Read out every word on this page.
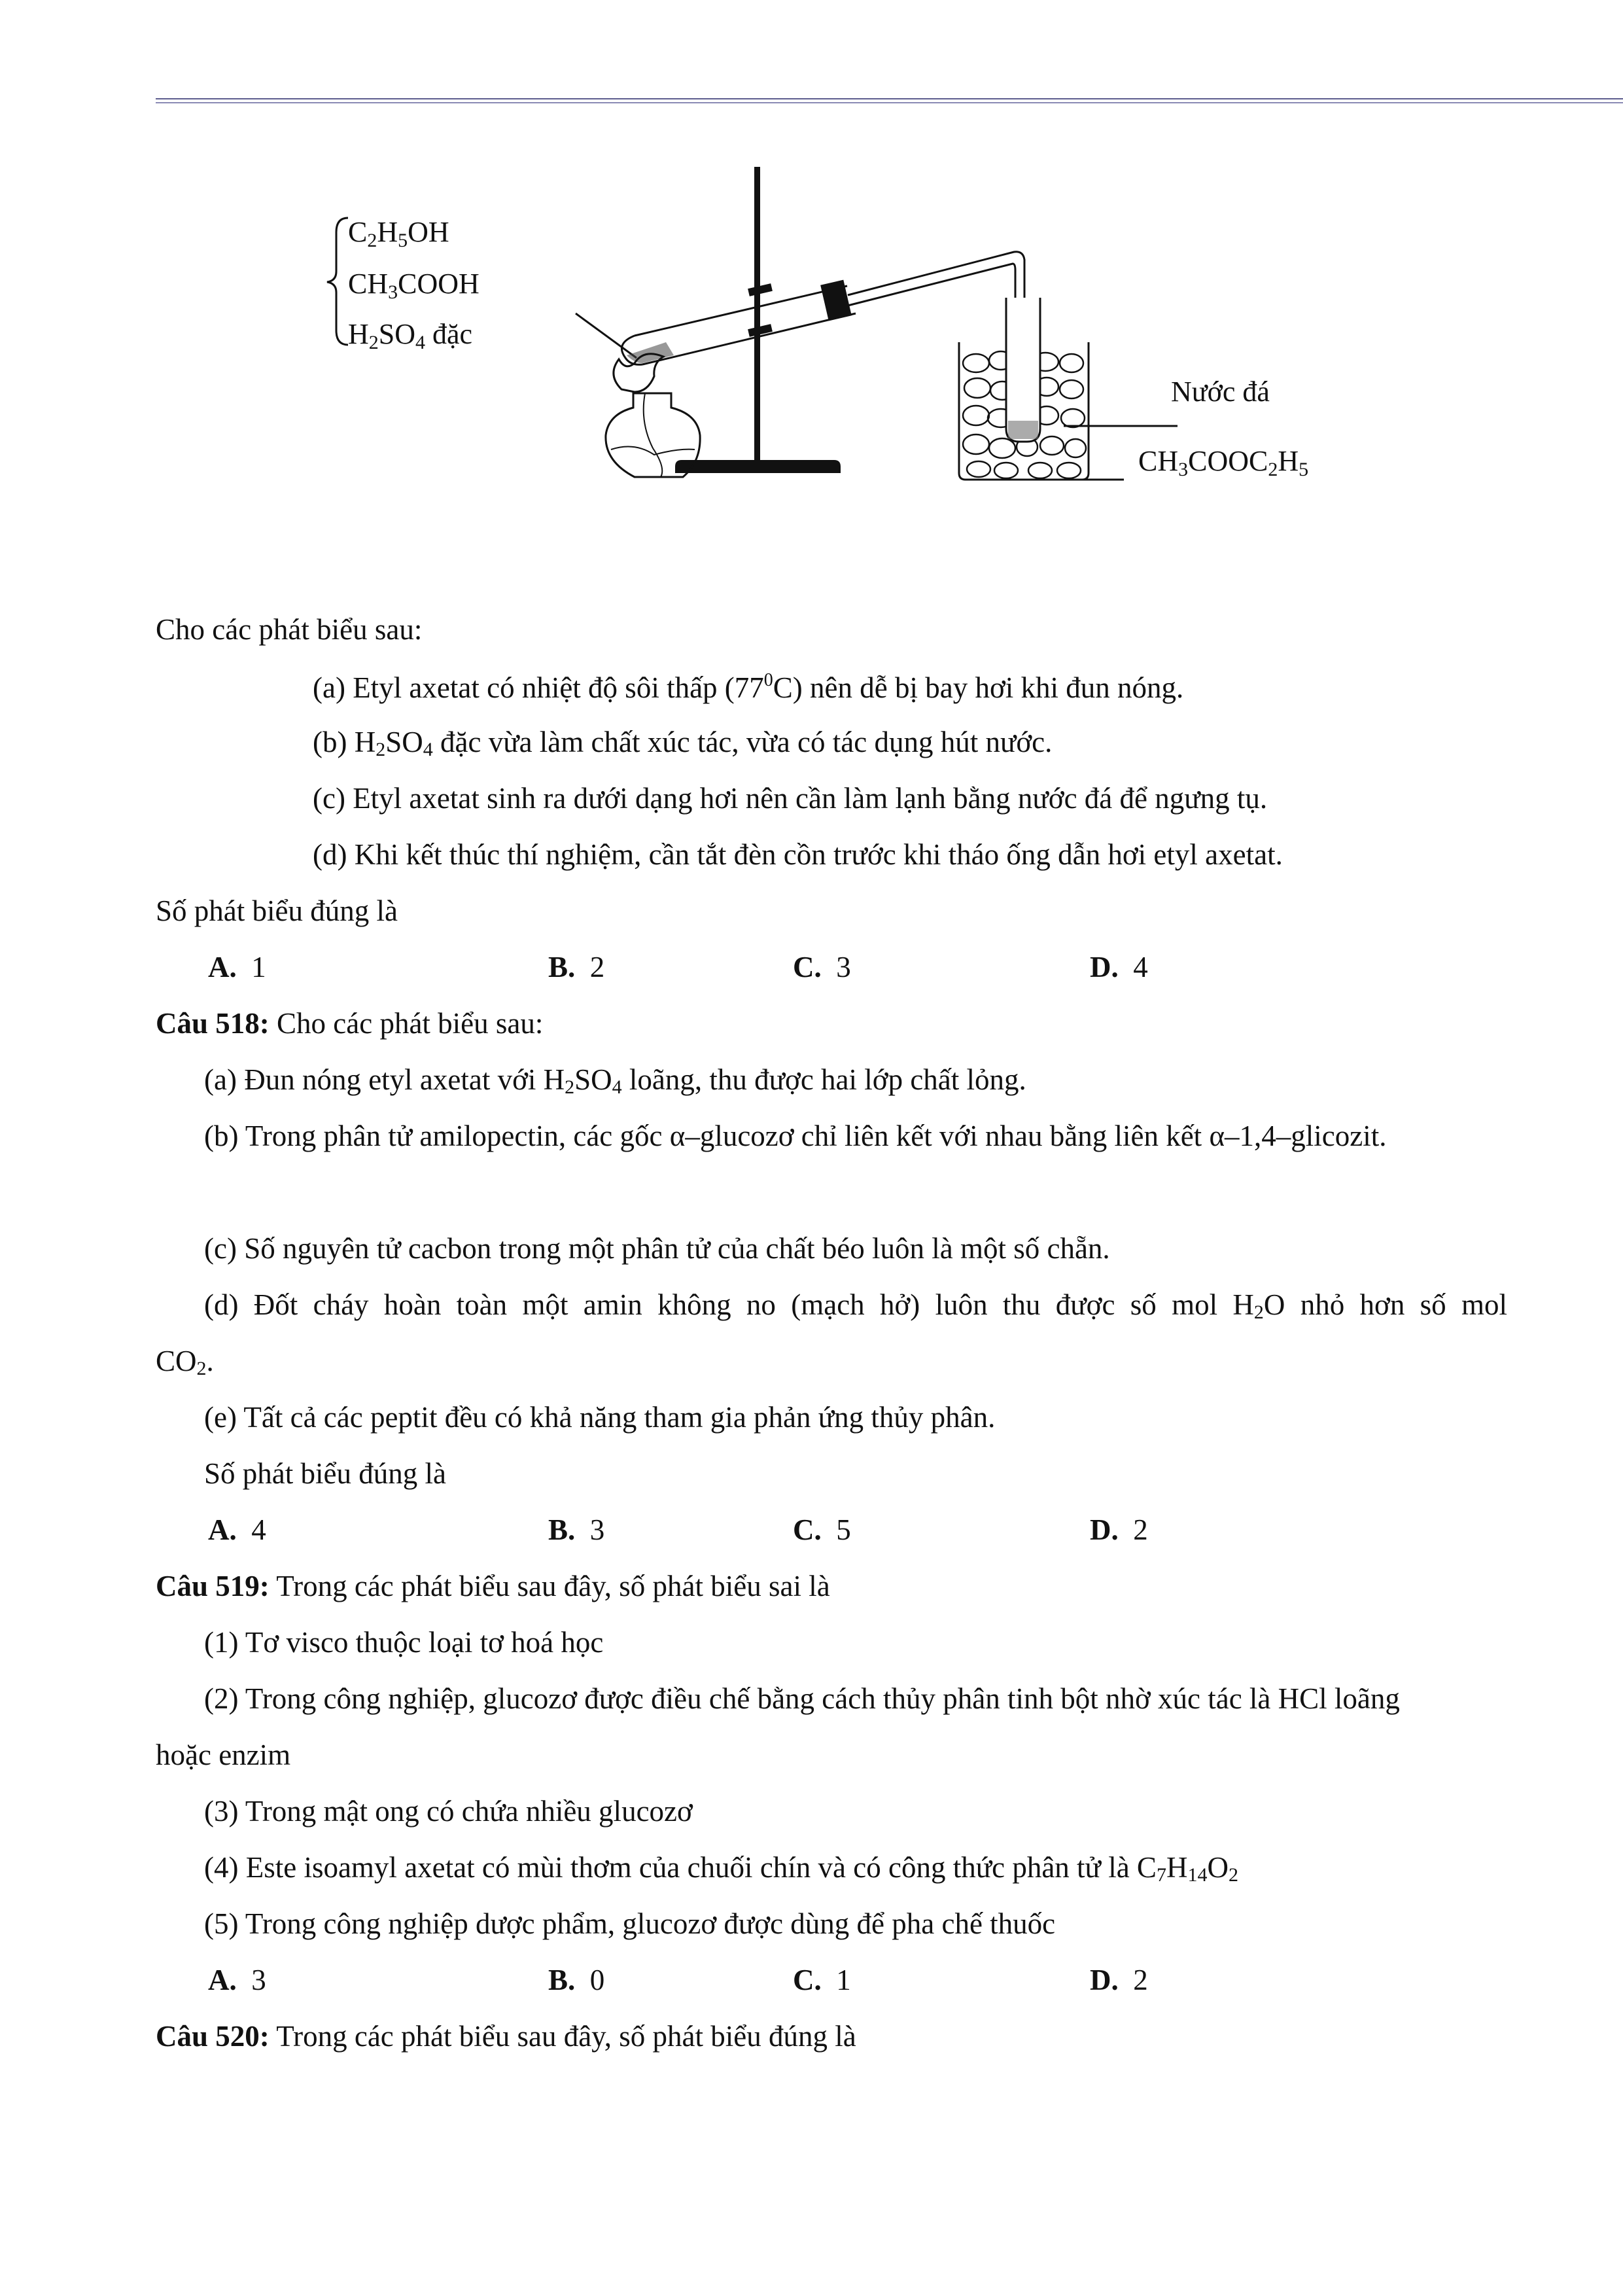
$C_2H_5OH$
$CH_3COOH$
$H_2SO_4$ đặc
Nước đá
$CH_3COOC_2H_5$
Cho các phát biểu sau:
(a) Etyl axetat có nhiệt độ sôi thấp $(77^0C)$ nên dễ bị bay hơi khi đun nóng.
(b) $H_2SO_4$ đặc vừa làm chất xúc tác, vừa có tác dụng hút nước.
(c) Etyl axetat sinh ra dưới dạng hơi nên cần làm lạnh bằng nước đá để ngưng tụ.
(d) Khi kết thúc thí nghiệm, cần tắt đèn cồn trước khi tháo ống dẫn hơi etyl axetat.
Số phát biểu đúng là
A. 1	B. 2	C. 3	D. 4
Câu 518: Cho các phát biểu sau:
(a) Đun nóng etyl axetat với $H_2SO_4$ loãng, thu được hai lớp chất lỏng.
(b) Trong phân tử amilopectin, các gốc α–glucozơ chỉ liên kết với nhau bằng liên kết α–1,4–glicozit.
(c) Số nguyên tử cacbon trong một phân tử của chất béo luôn là một số chẵn.
(d) Đốt cháy hoàn toàn một amin không no (mạch hở) luôn thu được số mol $H_2O$ nhỏ hơn số mol
$CO_2$.
(e) Tất cả các peptit đều có khả năng tham gia phản ứng thủy phân.
Số phát biểu đúng là
A. 4	B. 3	C. 5	D. 2
Câu 519: Trong các phát biểu sau đây, số phát biểu sai là
(1) Tơ visco thuộc loại tơ hoá học
(2) Trong công nghiệp, glucozơ được điều chế bằng cách thủy phân tinh bột nhờ xúc tác là HCl loãng
hoặc enzim
(3) Trong mật ong có chứa nhiều glucozơ
(4) Este isoamyl axetat có mùi thơm của chuối chín và có công thức phân tử là $C_7H_{14}O_2$
(5) Trong công nghiệp dược phẩm, glucozơ được dùng để pha chế thuốc
A. 3	B. 0	C. 1	D. 2
Câu 520: Trong các phát biểu sau đây, số phát biểu đúng là
